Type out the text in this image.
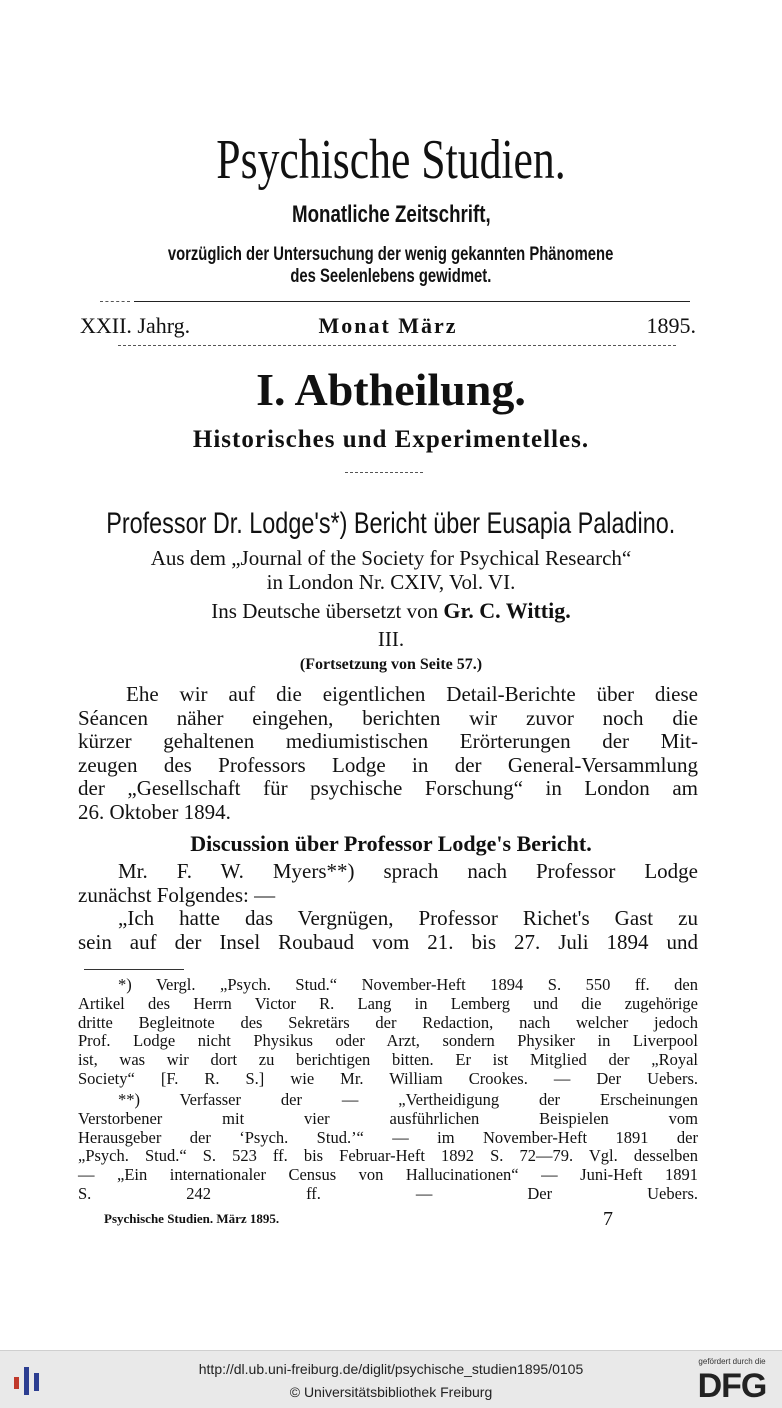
Psychische Studien.
Monatliche Zeitschrift,
vorzüglich der Untersuchung der wenig gekannten Phänomene
des Seelenlebens gewidmet.
XXII. Jahrg.	Monat März	1895.
I. Abtheilung.
Historisches und Experimentelles.
Professor Dr. Lodge's*) Bericht über Eusapia Paladino.
Aus dem „Journal of the Society for Psychical Research“
in London Nr. CXIV, Vol. VI.
Ins Deutsche übersetzt von Gr. C. Wittig.
III.
(Fortsetzung von Seite 57.)
Ehe wir auf die eigentlichen Detail-Berichte über diese
Séancen näher eingehen, berichten wir zuvor noch die
kürzer gehaltenen mediumistischen Erörterungen der Mit-
zeugen des Professors Lodge in der General-Versammlung
der „Gesellschaft für psychische Forschung“ in London am
26. Oktober 1894.
Discussion über Professor Lodge's Bericht.
Mr. F. W. Myers**) sprach nach Professor Lodge
zunächst Folgendes: —
„Ich hatte das Vergnügen, Professor Richet's Gast zu
sein auf der Insel Roubaud vom 21. bis 27. Juli 1894 und
*) Vergl. „Psych. Stud.“ November-Heft 1894 S. 550 ff. den
Artikel des Herrn Victor R. Lang in Lemberg und die zugehörige
dritte Begleitnote des Sekretärs der Redaction, nach welcher jedoch
Prof. Lodge nicht Physikus oder Arzt, sondern Physiker in Liverpool
ist, was wir dort zu berichtigen bitten. Er ist Mitglied der „Royal
Society“ [F. R. S.] wie Mr. William Crookes. — Der Uebers.
**) Verfasser der — „Vertheidigung der Erscheinungen
Verstorbener mit vier ausführlichen Beispielen vom
Herausgeber der ‘Psych. Stud.’“ — im November-Heft 1891 der
„Psych. Stud.“ S. 523 ff. bis Februar-Heft 1892 S. 72—79. Vgl. desselben
— „Ein internationaler Census von Hallucinationen“ — Juni-Heft 1891
S. 242 ff. — Der Uebers.
Psychische Studien. März 1895.	7
http://dl.ub.uni-freiburg.de/diglit/psychische_studien1895/0105
© Universitätsbibliothek Freiburg
gefördert durch die
DFG
